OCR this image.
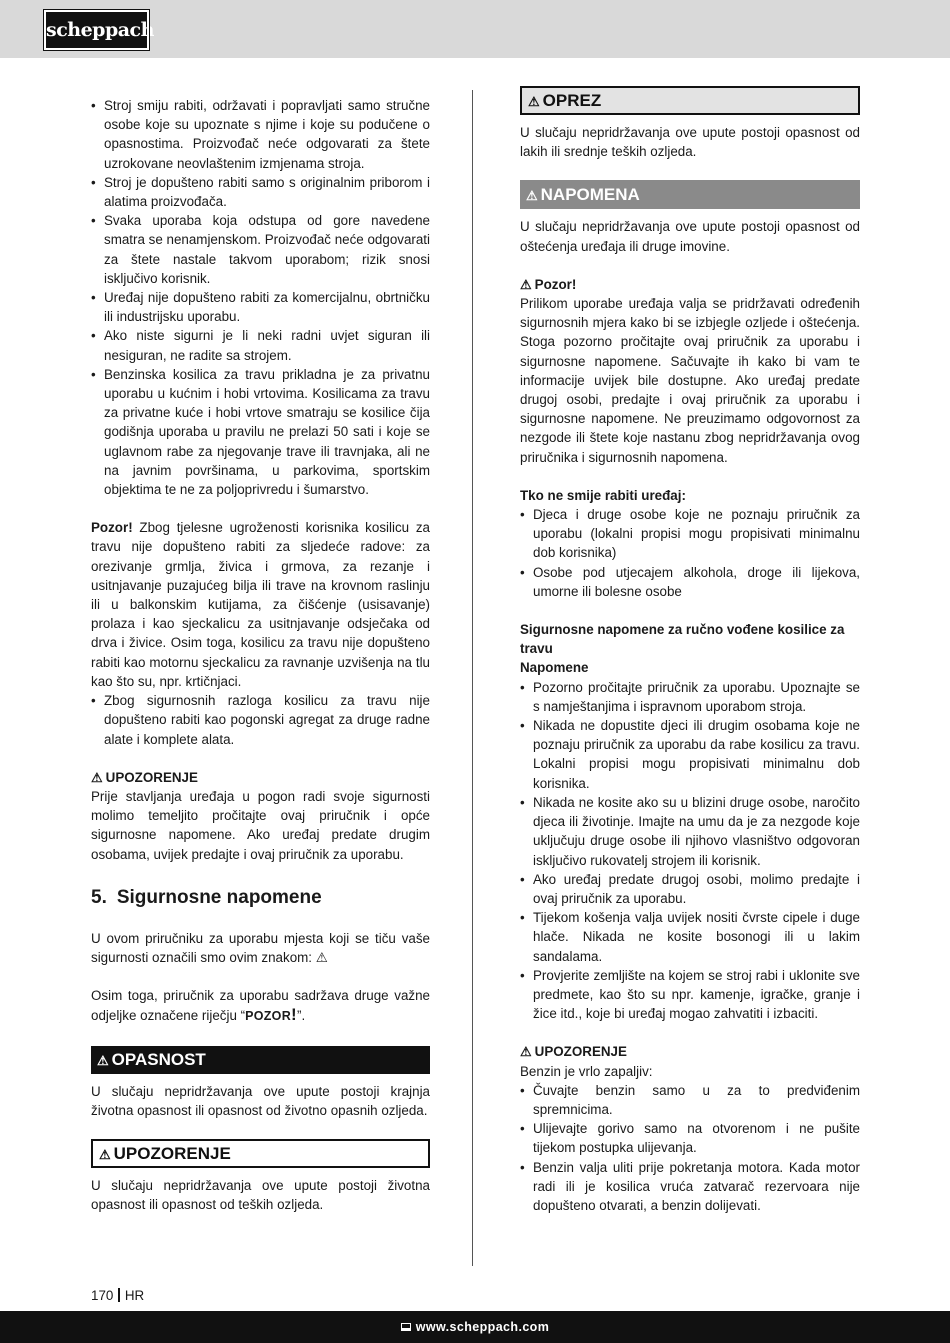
scheppach
• Stroj smiju rabiti, održavati i popravljati samo stručne osobe koje su upoznate s njime i koje su podučene o opasnostima. Proizvođač neće odgovarati za štete uzrokovane neovlaštenim izmjenama stroja.
• Stroj je dopušteno rabiti samo s originalnim priborom i alatima proizvođača.
• Svaka uporaba koja odstupa od gore navedene smatra se nenamjenskom. Proizvođač neće odgovarati za štete nastale takvom uporabom; rizik snosi isključivo korisnik.
• Uređaj nije dopušteno rabiti za komercijalnu, obrtničku ili industrijsku uporabu.
• Ako niste sigurni je li neki radni uvjet siguran ili nesiguran, ne radite sa strojem.
• Benzinska kosilica za travu prikladna je za privatnu uporabu u kućnim i hobi vrtovima. Kosilicama za travu za privatne kuće i hobi vrtove smatraju se kosilice čija godišnja uporaba u pravilu ne prelazi 50 sati i koje se uglavnom rabe za njegovanje trave ili travnjaka, ali ne na javnim površinama, u parkovima, sportskim objektima te ne za poljoprivredu i šumarstvo.

Pozor! Zbog tjelesne ugroženosti korisnika kosilicu za travu nije dopušteno rabiti za sljedeće radove: za orezivanje grmlja, živica i grmova, za rezanje i usitnjavanje puzajućeg bilja ili trave na krovnom raslinju ili u balkonskim kutijama, za čišćenje (usisavanje) prolaza i kao sjeckalicu za usitnjavanje odsječaka od drva i živice. Osim toga, kosilicu za travu nije dopušteno rabiti kao motornu sjeckalicu za ravnanje uzvišenja na tlu kao što su, npr. krtičnjaci.

• Zbog sigurnosnih razloga kosilicu za travu nije dopušteno rabiti kao pogonski agregat za druge radne alate i komplete alata.
⚠ UPOZORENJE

Prije stavljanja uređaja u pogon radi svoje sigurnosti molimo temeljito pročitajte ovaj priručnik i opće sigurnosne napomene. Ako uređaj predate drugim osobama, uvijek predajte i ovaj priručnik za uporabu.

5. Sigurnosne napomene

U ovom priručniku za uporabu mjesta koji se tiču vaše sigurnosti označili smo ovim znakom: ⚠

Osim toga, priručnik za uporabu sadržava druge važne odjeljke označene riječju “POZOR!”.

⚠ OPASNOST

U slučaju nepridržavanja ove upute postoji krajnja životna opasnost ili opasnost od životno opasnih ozljeda.

⚠ UPOZORENJE

U slučaju nepridržavanja ove upute postoji životna opasnost ili opasnost od teških ozljeda.

⚠ OPREZ

U slučaju nepridržavanja ove upute postoji opasnost od lakih ili srednje teških ozljeda.

⚠ NAPOMENA

U slučaju nepridržavanja ove upute postoji opasnost od oštećenja uređaja ili druge imovine.

⚠ Pozor!

Prilikom uporabe uređaja valja se pridržavati određenih sigurnosnih mjera kako bi se izbjegle ozljede i oštećenja. Stoga pozorno pročitajte ovaj priručnik za uporabu i sigurnosne napomene. Sačuvajte ih kako bi vam te informacije uvijek bile dostupne. Ako uređaj predate drugoj osobi, predajte i ovaj priručnik za uporabu i sigurnosne napomene. Ne preuzimamo odgovornost za nezgode ili štete koje nastanu zbog nepridržavanja ovog priručnika i sigurnosnih napomena.

Tko ne smije rabiti uređaj:
• Djeca i druge osobe koje ne poznaju priručnik za uporabu (lokalni propisi mogu propisivati minimalnu dob korisnika)
• Osobe pod utjecajem alkohola, droge ili lijekova, umorne ili bolesne osobe
Sigurnosne napomene za ručno vođene kosilice za travu
Napomene
• Pozorno pročitajte priručnik za uporabu. Upoznajte se s namještanjima i ispravnom uporabom stroja.
• Nikada ne dopustite djeci ili drugim osobama koje ne poznaju priručnik za uporabu da rabe kosilicu za travu. Lokalni propisi mogu propisivati minimalnu dob korisnika.
• Nikada ne kosite ako su u blizini druge osobe, naročito djeca ili životinje. Imajte na umu da je za nezgode koje uključuju druge osobe ili njihovo vlasništvo odgovoran isključivo rukovatelj strojem ili korisnik.
• Ako uređaj predate drugoj osobi, molimo predajte i ovaj priručnik za uporabu.
• Tijekom košenja valja uvijek nositi čvrste cipele i duge hlače. Nikada ne kosite bosonogi ili u lakim sandalama.
• Provjerite zemljište na kojem se stroj rabi i uklonite sve predmete, kao što su npr. kamenje, igračke, granje i žice itd., koje bi uređaj mogao zahvatiti i izbaciti.
⚠ UPOZORENJE

Benzin je vrlo zapaljiv:

• Čuvajte benzin samo u za to predviđenim spremnicima.
• Ulijevajte gorivo samo na otvorenom i ne pušite tijekom postupka ulijevanja.
• Benzin valja uliti prije pokretanja motora. Kada motor radi ili je kosilica vruća zatvarač rezervoara nije dopušteno otvarati, a benzin dolijevati.
170 HR
www.scheppach.com
